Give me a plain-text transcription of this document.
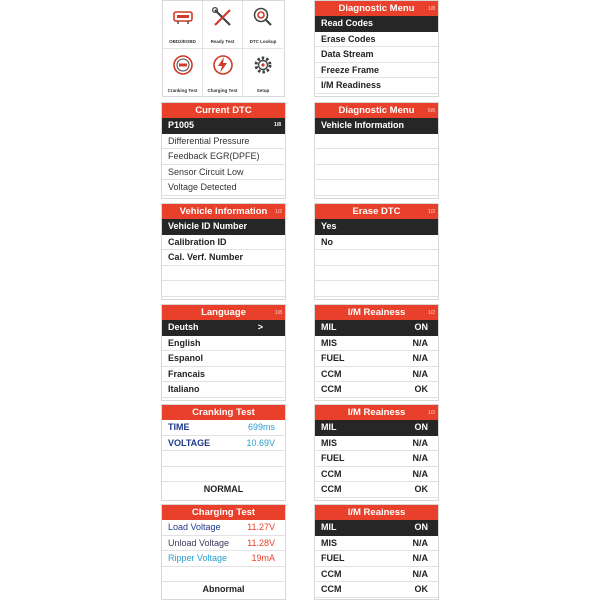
OBD2/EOBD	Ready Test	DTC Lookup
Cranking Test	Charging Test	Setup
Diagnostic Menu	1/8
Read Codes
Erase Codes
Data Stream
Freeze Frame
I/M Readiness
Current DTC
P1005	1/8
Differential Pressure
Feedback EGR(DPFE)
Sensor Circuit Low
Voltage Detected
Diagnostic Menu	6/6
Vehicle Information
Vehicle Information 1/2
Vehicle ID Number
Calibration ID
Cal. Verf. Number
Erase DTC	1/2
Yes
No
Language	1/8
Deutsh	>
English
Espanol
Francais
Italiano
I/M Reainess	1/2
MIL	ON
MIS	N/A
FUEL	N/A
CCM	N/A
CCM	OK
Cranking Test
TIME	699ms
VOLTAGE	10.69V
NORMAL
I/M Reainess	1/2
MIL	ON
MIS	N/A
FUEL	N/A
CCM	N/A
CCM	OK
Charging Test
Load Voltage	11.27V
Unload Voltage 11.28V
Ripper Voltage	19mA
Abnormal
I/M Reainess
MIL	ON
MIS	N/A
FUEL	N/A
CCM	N/A
CCM	OK
